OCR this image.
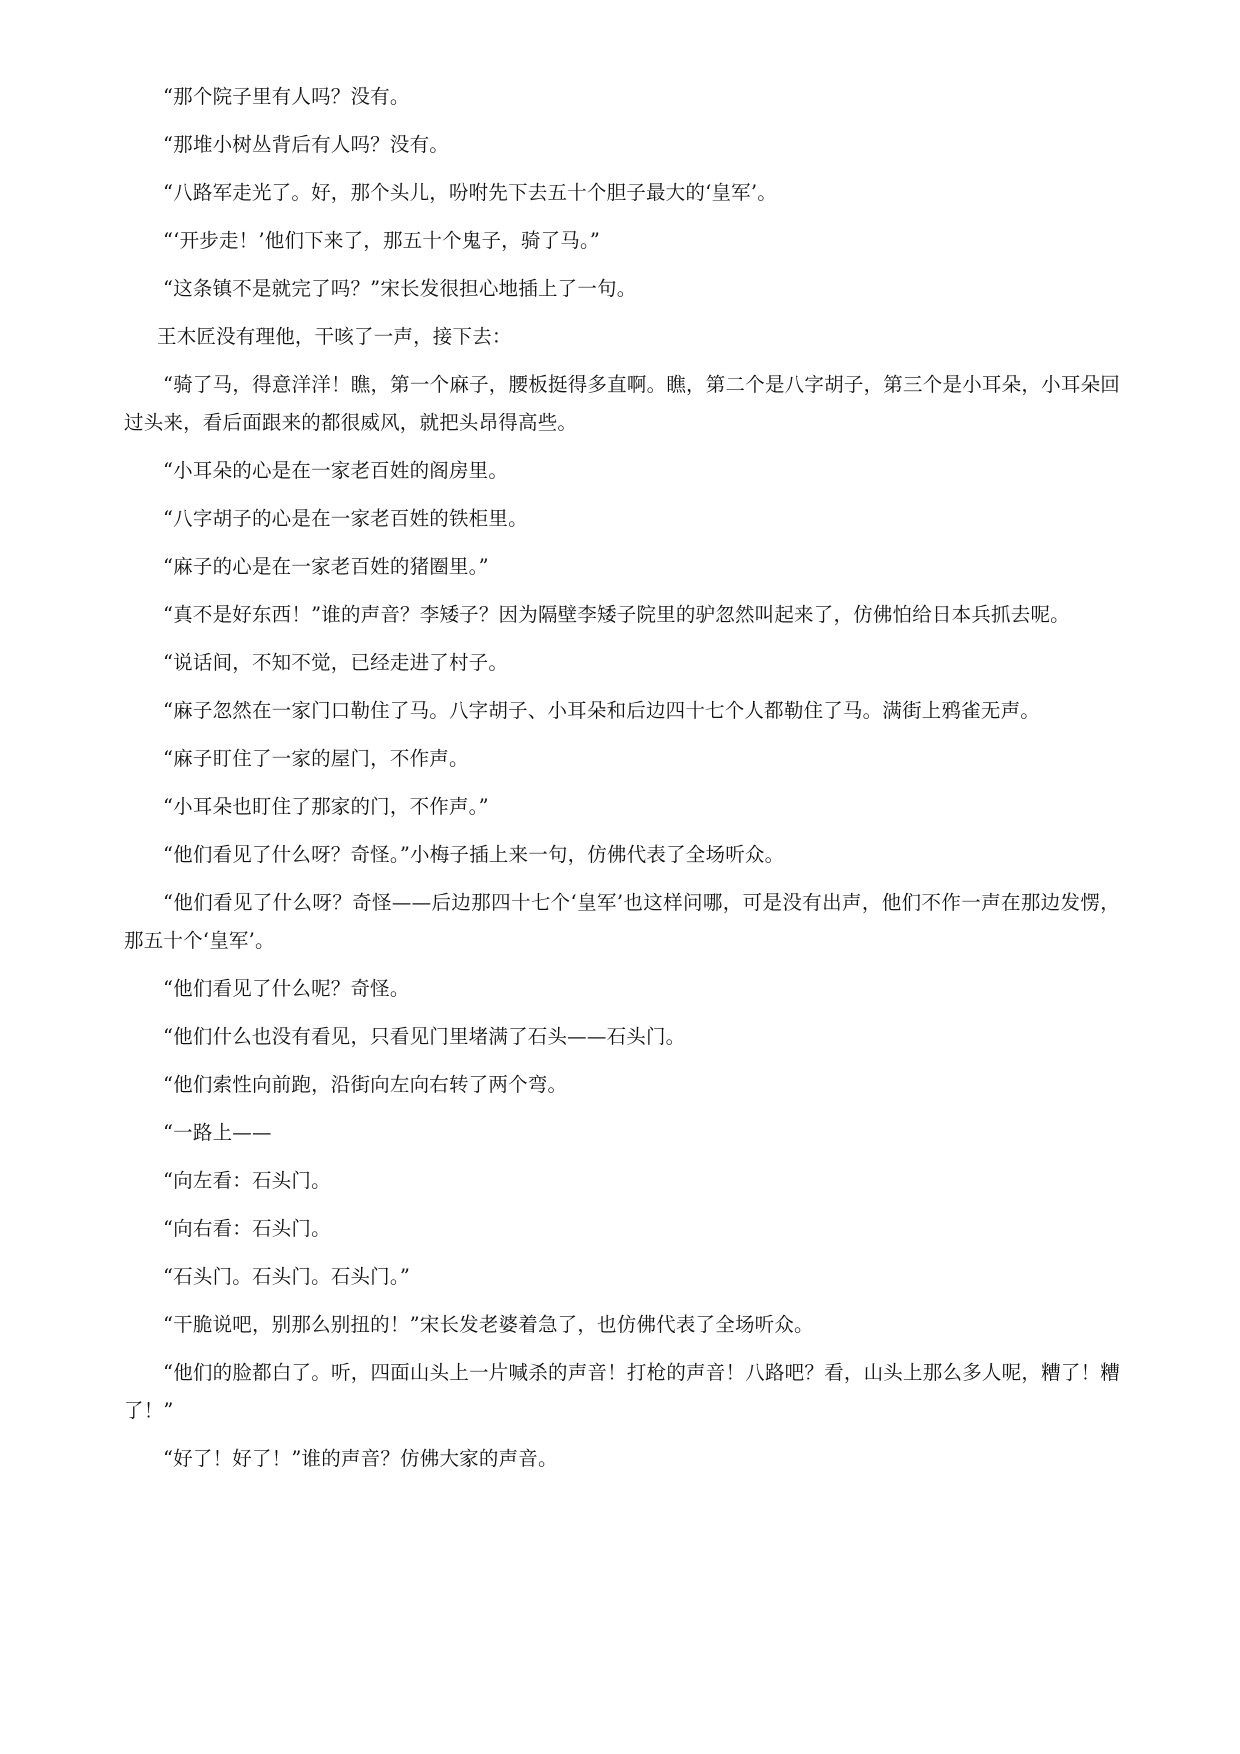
“那个院子里有人吗？没有。

“那堆小树丛背后有人吗？没有。

“八路军走光了。好，那个头儿，吩咐先下去五十个胆子最大的‘皇军’。

“‘开步走！’他们下来了，那五十个鬼子，骑了马。”

“这条镇不是就完了吗？”宋长发很担心地插上了一句。

王木匠没有理他，干咳了一声，接下去：

“骑了马，得意洋洋！瞧，第一个麻子，腰板挺得多直啊。瞧，第二个是八字胡子，第三个是小耳朵，小耳朵回过头来，看后面跟来的都很威风，就把头昂得高些。

“小耳朵的心是在一家老百姓的阁房里。

“八字胡子的心是在一家老百姓的铁柜里。

“麻子的心是在一家老百姓的猪圈里。”

“真不是好东西！”谁的声音？李矮子？因为隔壁李矮子院里的驴忽然叫起来了，仿佛怕给日本兵抓去呢。

“说话间，不知不觉，已经走进了村子。

“麻子忽然在一家门口勒住了马。八字胡子、小耳朵和后边四十七个人都勒住了马。满街上鸦雀无声。

“麻子盯住了一家的屋门，不作声。

“小耳朵也盯住了那家的门，不作声。”

“他们看见了什么呀？奇怪。”小梅子插上来一句，仿佛代表了全场听众。

“他们看见了什么呀？奇怪——后边那四十七个‘皇军’也这样问哪，可是没有出声，他们不作一声在那边发愣，那五十个‘皇军’。

“他们看见了什么呢？奇怪。

“他们什么也没有看见，只看见门里堵满了石头——石头门。

“他们索性向前跑，沿街向左向右转了两个弯。

“一路上——

“向左看：石头门。

“向右看：石头门。

“石头门。石头门。石头门。”

“干脆说吧，别那么别扭的！”宋长发老婆着急了，也仿佛代表了全场听众。

“他们的脸都白了。听，四面山头上一片喊杀的声音！打枪的声音！八路吧？看，山头上那么多人呢，糟了！糟了！”

“好了！好了！”谁的声音？仿佛大家的声音。
